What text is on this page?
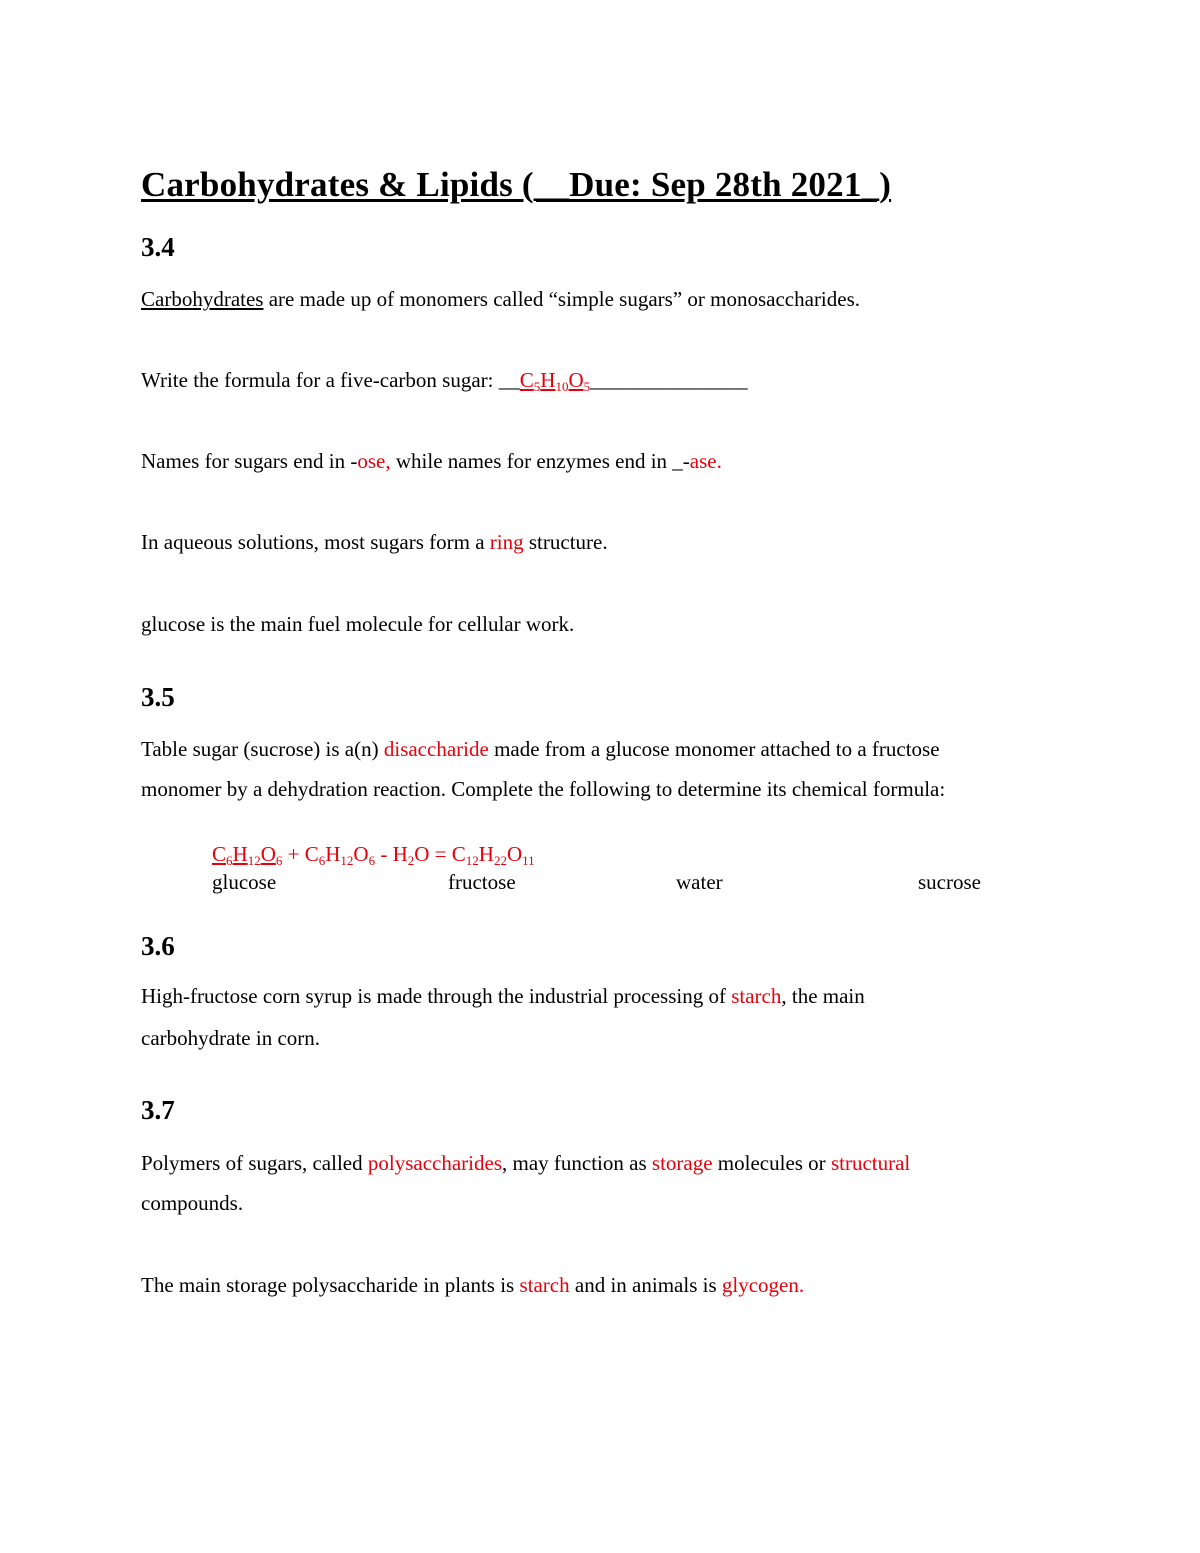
Carbohydrates & Lipids (__Due: Sep 28th 2021_)
3.4
Carbohydrates are made up of monomers called “simple sugars” or monosaccharides.
Write the formula for a five-carbon sugar: $\_\_C_5H_{10}O_5\_\_\_\_\_\_\_\_\_\_\_\_\_\_\_$
Names for sugars end in -ose, while names for enzymes end in _-ase.
In aqueous solutions, most sugars form a ring structure.
glucose is the main fuel molecule for cellular work.
3.5
Table sugar (sucrose) is a(n) disaccharide made from a glucose monomer attached to a fructose
monomer by a dehydration reaction. Complete the following to determine its chemical formula:
$C_6H_{12}O_6 + C_6H_{12}O_6 - H_2O = C_{12}H_{22}O_{11}$
glucose	fructose	water	sucrose
3.6
High-fructose corn syrup is made through the industrial processing of starch, the main
carbohydrate in corn.
3.7
Polymers of sugars, called polysaccharides, may function as storage molecules or structural
compounds.
The main storage polysaccharide in plants is starch and in animals is glycogen.
